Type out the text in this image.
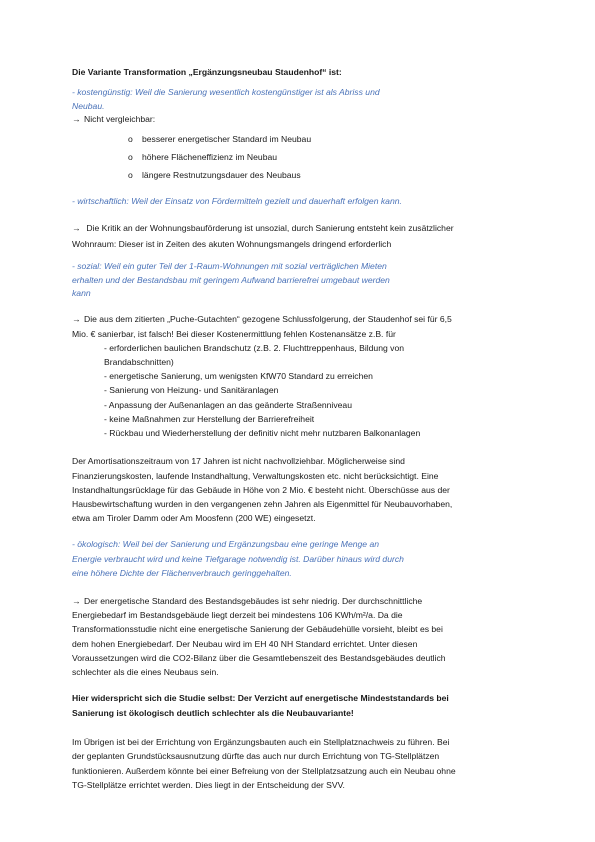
Die Variante Transformation „Ergänzungsneubau Staudenhof“ ist:

- kostengünstig: Weil die Sanierung wesentlich kostengünstiger ist als Abriss und
Neubau.
→ Nicht vergleichbar:
o besserer energetischer Standard im Neubau
o höhere Flächeneffizienz im Neubau
o längere Restnutzungsdauer des Neubaus

- wirtschaftlich: Weil der Einsatz von Fördermitteln gezielt und dauerhaft erfolgen kann.

→ Die Kritik an der Wohnungsbauförderung ist unsozial, durch Sanierung entsteht kein zusätzlicher
Wohnraum: Dieser ist in Zeiten des akuten Wohnungsmangels dringend erforderlich
- sozial: Weil ein guter Teil der 1-Raum-Wohnungen mit sozial verträglichen Mieten
erhalten und der Bestandsbau mit geringem Aufwand barrierefrei umgebaut werden
kann
→ Die aus dem zitierten „Puche-Gutachten“ gezogene Schlussfolgerung, der Staudenhof sei für 6,5
Mio. € sanierbar, ist falsch! Bei dieser Kostenermittlung fehlen Kostenansätze z.B. für
- erforderlichen baulichen Brandschutz (z.B. 2. Fluchttreppenhaus, Bildung von
Brandabschnitten)
- energetische Sanierung, um wenigsten KfW70 Standard zu erreichen
- Sanierung von Heizung- und Sanitäranlagen
- Anpassung der Außenanlagen an das geänderte Straßenniveau
- keine Maßnahmen zur Herstellung der Barrierefreiheit
- Rückbau und Wiederherstellung der definitiv nicht mehr nutzbaren Balkonanlagen
Der Amortisationszeitraum von 17 Jahren ist nicht nachvollziehbar. Möglicherweise sind
Finanzierungskosten, laufende Instandhaltung, Verwaltungskosten etc. nicht berücksichtigt. Eine
Instandhaltungsrücklage für das Gebäude in Höhe von 2 Mio. € besteht nicht. Überschüsse aus der
Hausbewirtschaftung wurden in den vergangenen zehn Jahren als Eigenmittel für Neubauvorhaben,
etwa am Tiroler Damm oder Am Moosfenn (200 WE) eingesetzt.
- ökologisch: Weil bei der Sanierung und Ergänzungsbau eine geringe Menge an
Energie verbraucht wird und keine Tiefgarage notwendig ist. Darüber hinaus wird durch
eine höhere Dichte der Flächenverbrauch geringgehalten.
→ Der energetische Standard des Bestandsgebäudes ist sehr niedrig. Der durchschnittliche
Energiebedarf im Bestandsgebäude liegt derzeit bei mindestens 106 KWh/m²/a. Da die
Transformationsstudie nicht eine energetische Sanierung der Gebäudehülle vorsieht, bleibt es bei
dem hohen Energiebedarf. Der Neubau wird im EH 40 NH Standard errichtet. Unter diesen
Voraussetzungen wird die CO2-Bilanz über die Gesamtlebenszeit des Bestandsgebäudes deutlich
schlechter als die eines Neubaus sein.
Hier widerspricht sich die Studie selbst: Der Verzicht auf energetische Mindeststandards bei
Sanierung ist ökologisch deutlich schlechter als die Neubauvariante!
Im Übrigen ist bei der Errichtung von Ergänzungsbauten auch ein Stellplatznachweis zu führen. Bei
der geplanten Grundstücksausnutzung dürfte das auch nur durch Errichtung von TG-Stellplätzen
funktionieren. Außerdem könnte bei einer Befreiung von der Stellplatzsatzung auch ein Neubau ohne
TG-Stellplätze errichtet werden. Dies liegt in der Entscheidung der SVV.
